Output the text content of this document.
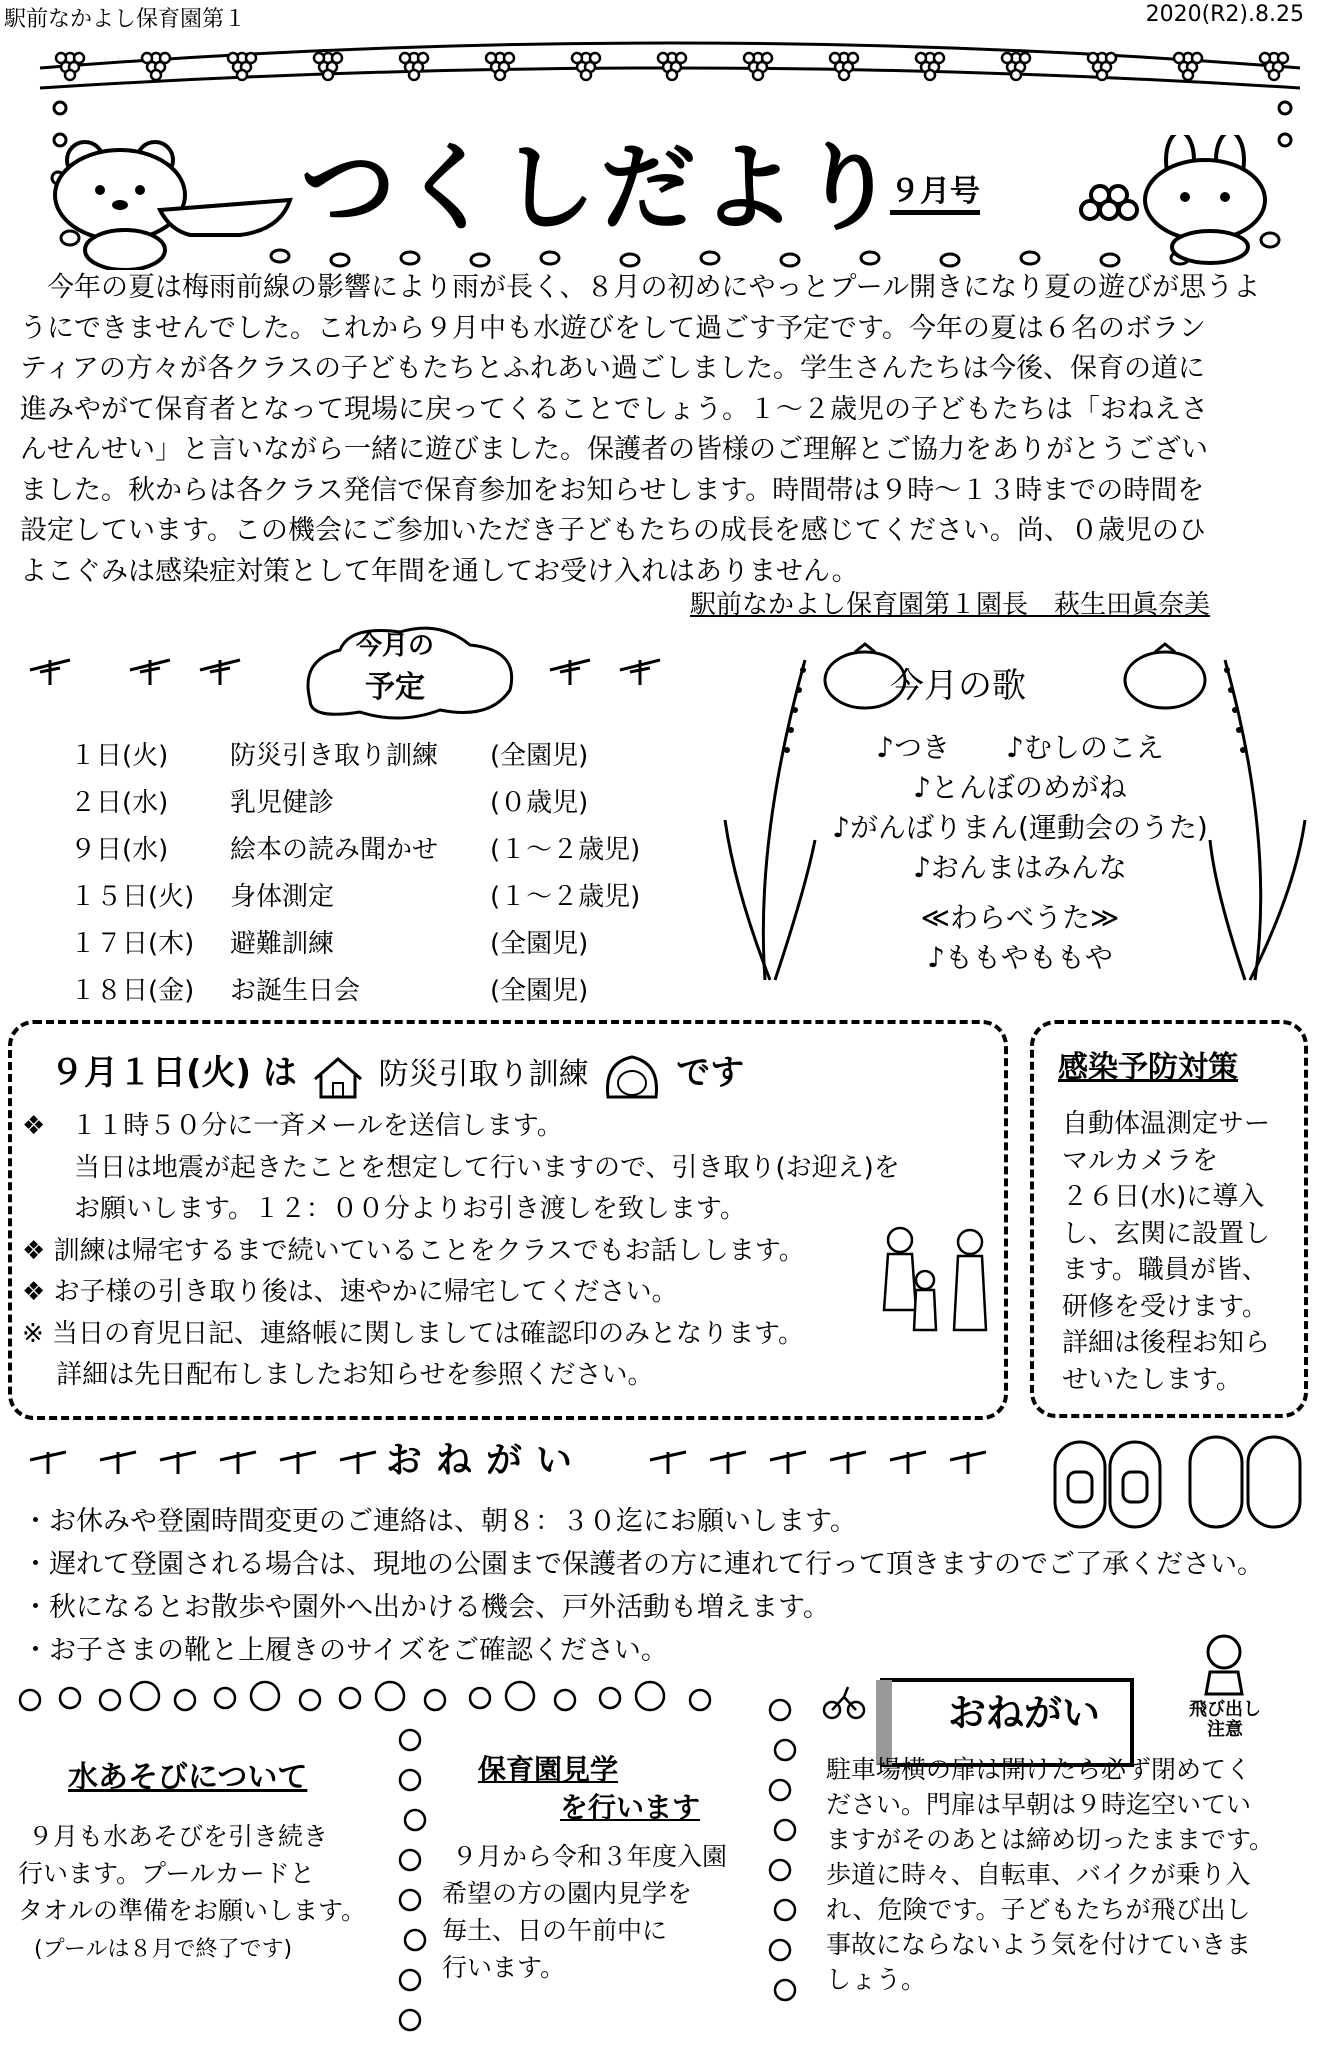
駅前なかよし保育園第１	2020(R2).8.25
つくしだより
９月号

　今年の夏は梅雨前線の影響により雨が長く、８月の初めにやっとプール開きになり夏の遊びが思うよ

うにできませんでした。これから９月中も水遊びをして過ごす予定です。今年の夏は６名のボラン

ティアの方々が各クラスの子どもたちとふれあい過ごしました。学生さんたちは今後、保育の道に

進みやがて保育者となって現場に戻ってくることでしょう。１～２歳児の子どもたちは「おねえさ

んせんせい」と言いながら一緒に遊びました。保護者の皆様のご理解とご協力をありがとうござい

ました。秋からは各クラス発信で保育参加をお知らせします。時間帯は９時～１３時までの時間を

設定しています。この機会にご参加いただき子どもたちの成長を感じてください。尚、０歳児のひ

よこぐみは感染症対策として年間を通してお受け入れはありません。

駅前なかよし保育園第１園長　萩生田眞奈美
今月の
予定
１日(火) 防災引き取り訓練 (全園児)
２日(水) 乳児健診	(０歳児)
９日(水) 絵本の読み聞かせ (１～２歳児)
１５日(火) 身体測定	(１～２歳児)
１７日(木) 避難訓練	(全園児)
１８日(金) お誕生日会	(全園児)
今月の歌
♪つき　　 ♪むしのこえ
♪とんぼのめがね
♪がんばりまん(運動会のうた)
♪おんまはみんな
≪わらべうた≫
♪ももやももや
９月１日(火) は	防災引取り訓練	です
❖　１１時５０分に一斉メールを送信します。
　　当日は地震が起きたことを想定して行いますので、引き取り(お迎え)を
　　お願いします。１２：００分よりお引き渡しを致します。
❖ 訓練は帰宅するまで続いていることをクラスでもお話しします。
❖ お子様の引き取り後は、速やかに帰宅してください。
※ 当日の育児日記、連絡帳に関しましては確認印のみとなります。
　 詳細は先日配布しましたお知らせを参照ください。
感染予防対策
自動体温測定サー
マルカメラを
２６日(水)に導入
し、玄関に設置し
ます。職員が皆、
研修を受けます。
詳細は後程お知ら
せいたします。
おねがい
・お休みや登園時間変更のご連絡は、朝８：３０迄にお願いします。
・遅れて登園される場合は、現地の公園まで保護者の方に連れて行って頂きますのでご了承ください。
・秋になるとお散歩や園外へ出かける機会、戸外活動も増えます。
・お子さまの靴と上履きのサイズをご確認ください。
水あそびについて
９月も水あそびを引き続き
行います。プールカードと
タオルの準備をお願いします。
(プールは８月で終了です)
保育園見学
を行います
９月から令和３年度入園
希望の方の園内見学を
毎土、日の午前中に
行います。
おねがい	飛び出し
注意
駐車場横の扉は開けたら必ず閉めてく
ださい。門扉は早朝は９時迄空いてい
ますがそのあとは締め切ったままです。
歩道に時々、自転車、バイクが乗り入
れ、危険です。子どもたちが飛び出し
事故にならないよう気を付けていきま
しょう。
